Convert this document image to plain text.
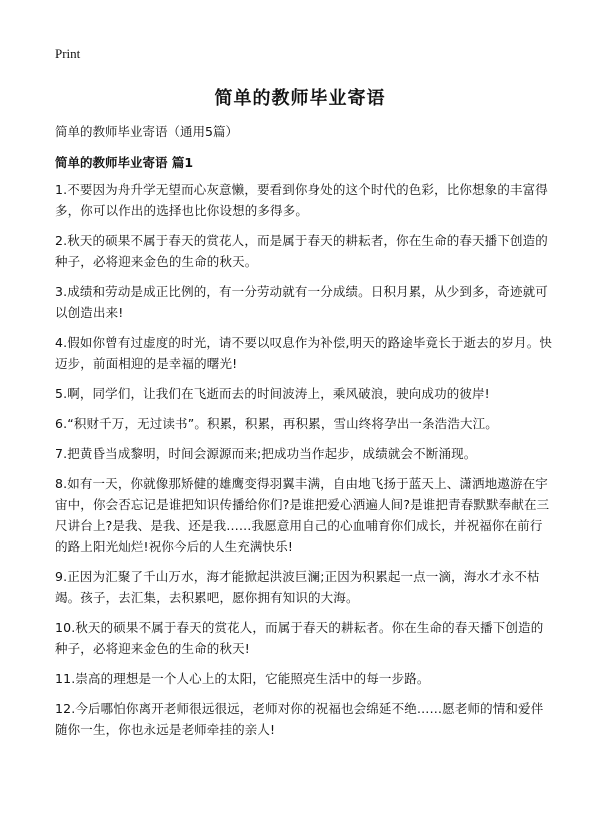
Print
简单的教师毕业寄语

简单的教师毕业寄语（通用5篇）

简单的教师毕业寄语 篇1

1.不要因为舟升学无望而心灰意懒，要看到你身处的这个时代的色彩，比你想象的丰富得多，你可以作出的选择也比你设想的多得多。

2.秋天的硕果不属于春天的赏花人，而是属于春天的耕耘者，你在生命的春天播下创造的种子，必将迎来金色的生命的秋天。

3.成绩和劳动是成正比例的，有一分劳动就有一分成绩。日积月累，从少到多，奇迹就可以创造出来!

4.假如你曾有过虚度的时光，请不要以叹息作为补偿,明天的路途毕竟长于逝去的岁月。快迈步，前面相迎的是幸福的曙光!

5.啊，同学们，让我们在飞逝而去的时间波涛上，乘风破浪，驶向成功的彼岸!

6.“积财千万，无过读书”。积累，积累，再积累，雪山终将孕出一条浩浩大江。

7.把黄昏当成黎明，时间会源源而来;把成功当作起步，成绩就会不断涌现。

8.如有一天，你就像那矫健的雄鹰变得羽翼丰满，自由地飞扬于蓝天上、潇洒地遨游在宇宙中，你会否忘记是谁把知识传播给你们?是谁把爱心洒遍人间?是谁把青春默默奉献在三尺讲台上?是我、是我、还是我……我愿意用自己的心血哺育你们成长，并祝福你在前行的路上阳光灿烂!祝你今后的人生充满快乐!

9.正因为汇聚了千山万水，海才能掀起洪波巨澜;正因为积累起一点一滴，海水才永不枯竭。孩子，去汇集，去积累吧，愿你拥有知识的大海。

10.秋天的硕果不属于春天的赏花人，而属于春天的耕耘者。你在生命的春天播下创造的种子，必将迎来金色的生命的秋天!

11.崇高的理想是一个人心上的太阳，它能照亮生活中的每一步路。

12.今后哪怕你离开老师很远很远，老师对你的祝福也会绵延不绝……愿老师的情和爱伴随你一生，你也永远是老师牵挂的亲人!
